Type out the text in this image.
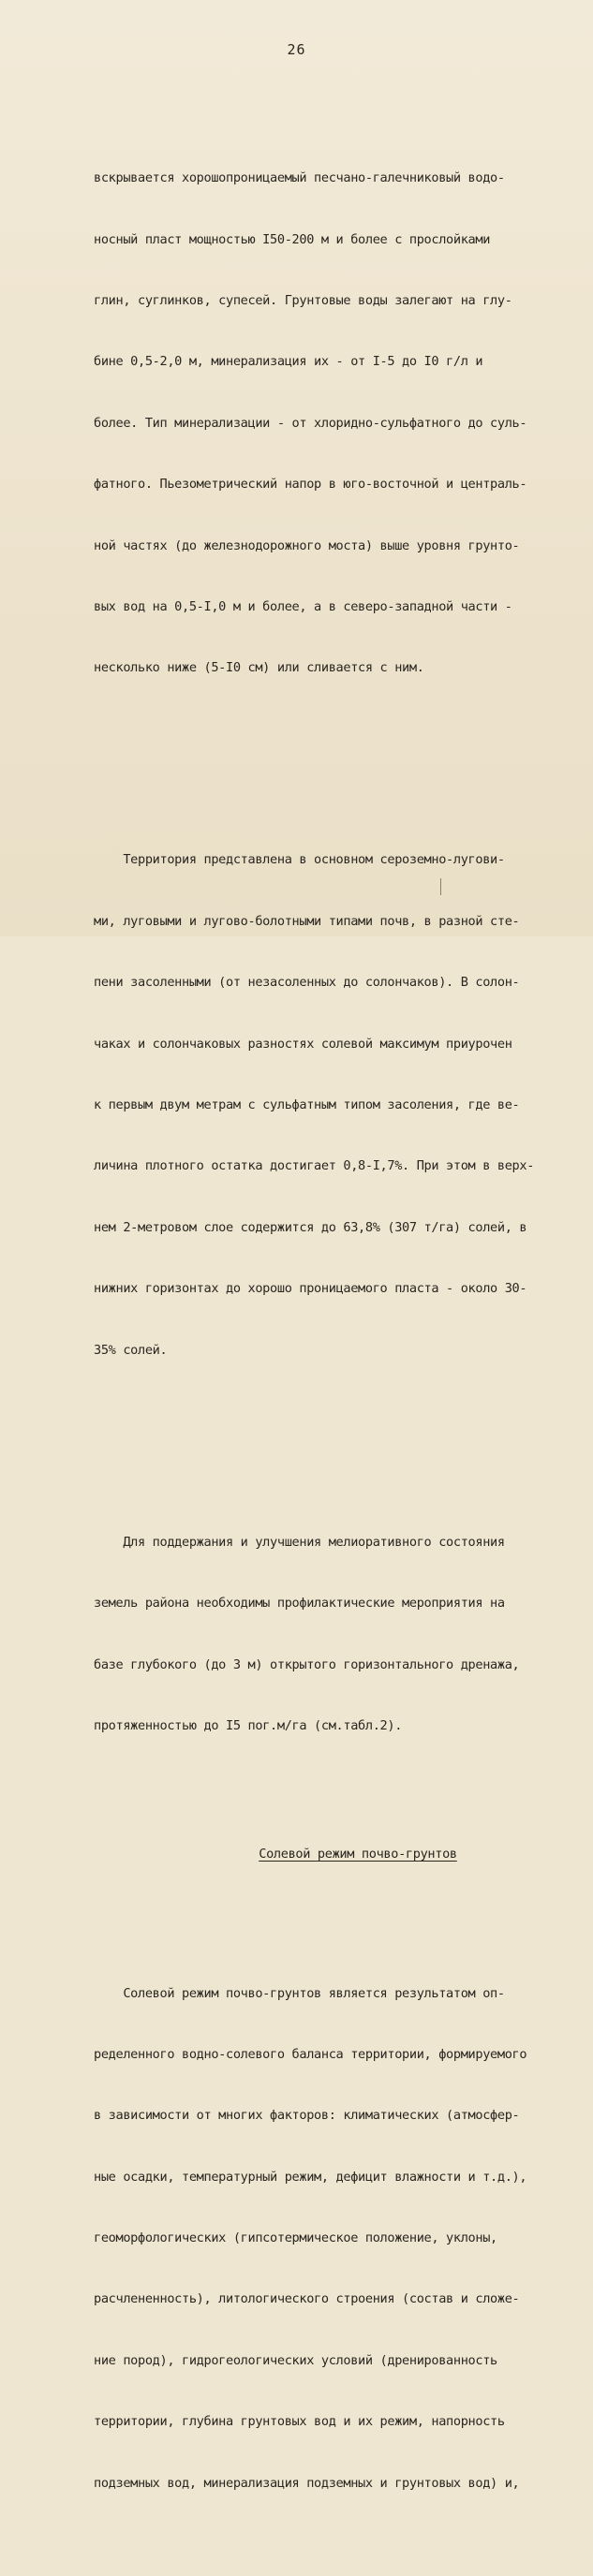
26

вскрывается хорошопроницаемый песчано-галечниковый водо-

носный пласт мощностью I50-200 м и более с прослойками

глин, суглинков, супесей. Грунтовые воды залегают на глу-

бине 0,5-2,0 м, минерализация их - от I-5 до I0 г/л и

более. Тип минерализации - от хлоридно-сульфатного до суль-

фатного. Пьезометрический напор в юго-восточной и централь-

ной частях (до железнодорожного моста) выше уровня грунто-

вых вод на 0,5-I,0 м и более, а в северо-западной части -

несколько ниже (5-I0 см) или сливается с ним.

Территория представлена в основном сероземно-лугови-

ми, луговыми и лугово-болотными типами почв, в разной сте-

пени засоленными (от незасоленных до солончаков). В солон-

чаках и солончаковых разностях солевой максимум приурочен

к первым двум метрам с сульфатным типом засоления, где ве-

личина плотного остатка достигает 0,8-I,7%. При этом в верх-

нем 2-метровом слое содержится до 63,8% (307 т/га) солей, в

нижних горизонтах до хорошо проницаемого пласта - около 30-

35% солей.

Для поддержания и улучшения мелиоративного состояния

земель района необходимы профилактические мероприятия на

базе глубокого (до 3 м) открытого горизонтального дренажа,

протяженностью до I5 пог.м/га (см.табл.2).

Солевой режим почво-грунтов

Солевой режим почво-грунтов является результатом оп-

ределенного водно-солевого баланса территории, формируемого

в зависимости от многих факторов: климатических (атмосфер-

ные осадки, температурный режим, дефицит влажности и т.д.),

геоморфологических (гипсотермическое положение, уклоны,

расчлененность), литологического строения (состав и сложе-

ние пород), гидрогеологических условий (дренированность

территории, глубина грунтовых вод и их режим, напорность

подземных вод, минерализация подземных и грунтовых вод) и,
